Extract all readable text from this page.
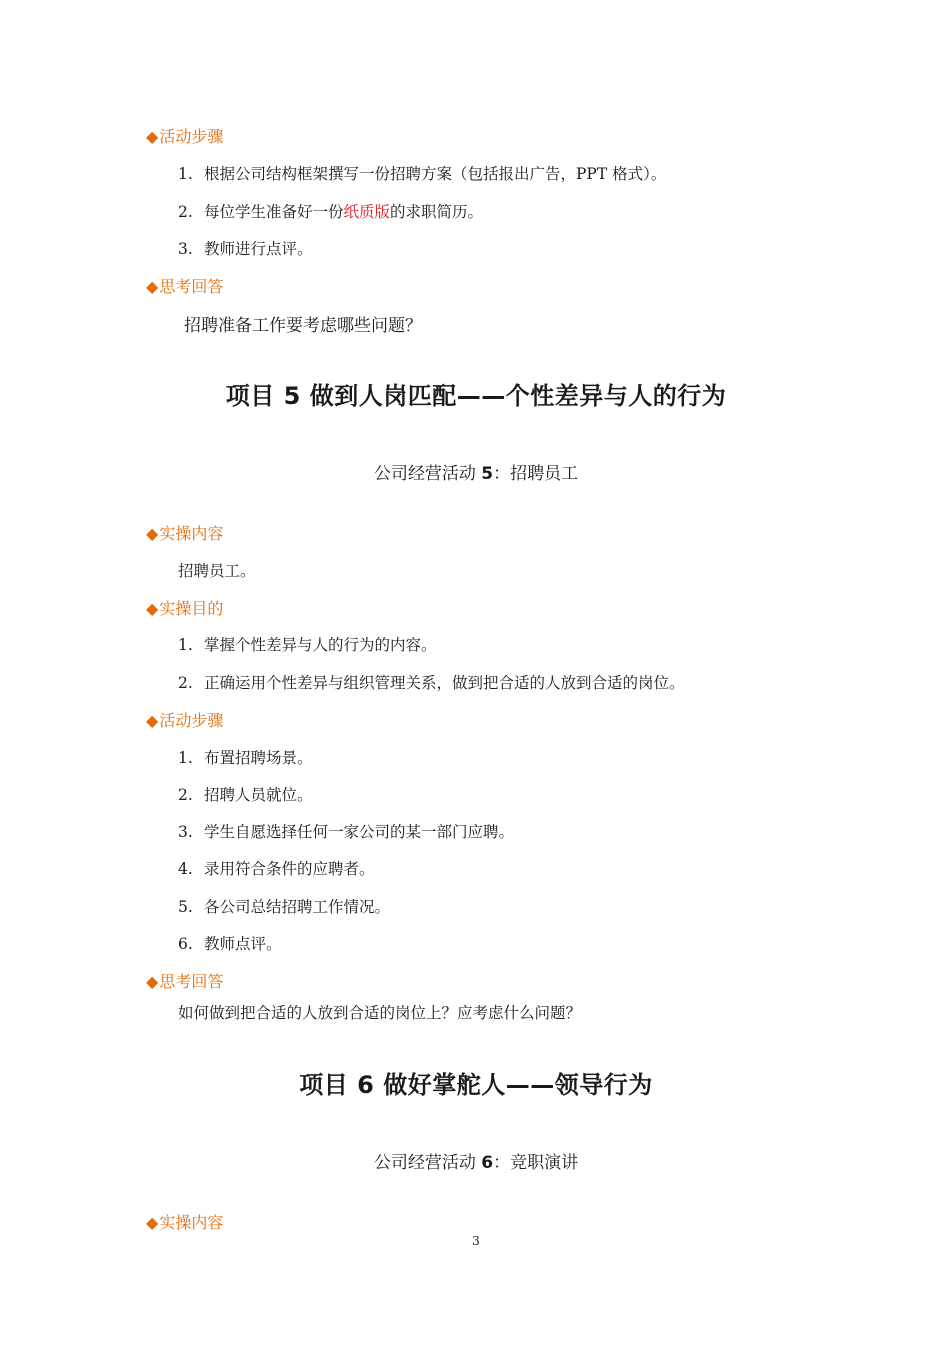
◆活动步骤
1. 根据公司结构框架撰写一份招聘方案（包括报出广告，PPT 格式）。
2. 每位学生准备好一份纸质版的求职简历。
3. 教师进行点评。
◆思考回答
招聘准备工作要考虑哪些问题？
项目 5 做到人岗匹配——个性差异与人的行为
公司经营活动 5：招聘员工
◆实操内容
招聘员工。
◆实操目的
1. 掌握个性差异与人的行为的内容。
2. 正确运用个性差异与组织管理关系，做到把合适的人放到合适的岗位。
◆活动步骤
1. 布置招聘场景。
2. 招聘人员就位。
3. 学生自愿选择任何一家公司的某一部门应聘。
4. 录用符合条件的应聘者。
5. 各公司总结招聘工作情况。
6. 教师点评。
◆思考回答
如何做到把合适的人放到合适的岗位上？应考虑什么问题？
项目 6 做好掌舵人——领导行为
公司经营活动 6：竞职演讲
◆实操内容
3
